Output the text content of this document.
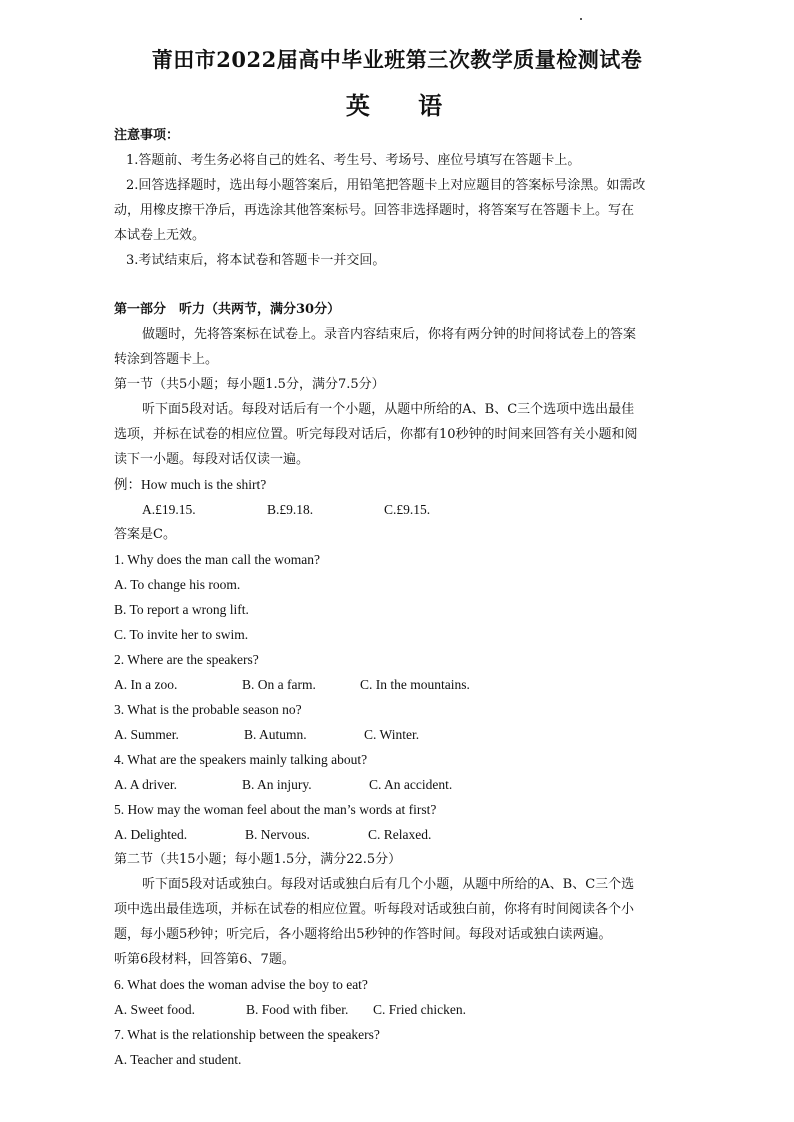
莆田市2022届高中毕业班第三次教学质量检测试卷
英 语
注意事项：
1.答题前、考生务必将自己的姓名、考生号、考场号、座位号填写在答题卡上。
2.回答选择题时，选出每小题答案后，用铅笔把答题卡上对应题目的答案标号涂黑。如需改
动，用橡皮擦干净后，再选涂其他答案标号。回答非选择题时，将答案写在答题卡上。写在
本试卷上无效。
3.考试结束后，将本试卷和答题卡一并交回。
第一部分　听力（共两节，满分30分）
做题时，先将答案标在试卷上。录音内容结束后，你将有两分钟的时间将试卷上的答案
转涂到答题卡上。
第一节（共5小题；每小题1.5分，满分7.5分）
听下面5段对话。每段对话后有一个小题，从题中所给的A、B、C三个选项中选出最佳
选项，并标在试卷的相应位置。听完每段对话后，你都有10秒钟的时间来回答有关小题和阅
读下一小题。每段对话仅读一遍。
例：How much is the shirt?
A.£19.15.	B.£9.18.	C.£9.15.
答案是C。
1. Why does the man call the woman?
A. To change his room.
B. To report a wrong lift.
C. To invite her to swim.
2. Where are the speakers?
A. In a zoo.	B. On a farm.	C. In the mountains.
3. What is the probable season no?
A. Summer.	B. Autumn.	C. Winter.
4. What are the speakers mainly talking about?
A. A driver.	B. An injury.	C. An accident.
5. How may the woman feel about the man’s words at first?
A. Delighted.	B. Nervous.	C. Relaxed.
第二节（共15小题；每小题1.5分，满分22.5分）
听下面5段对话或独白。每段对话或独白后有几个小题，从题中所给的A、B、C三个选
项中选出最佳选项，并标在试卷的相应位置。听每段对话或独白前，你将有时间阅读各个小
题，每小题5秒钟；听完后，各小题将给出5秒钟的作答时间。每段对话或独白读两遍。
听第6段材料，回答第6、7题。
6. What does the woman advise the boy to eat?
A. Sweet food.	B. Food with fiber. C. Fried chicken.
7. What is the relationship between the speakers?
A. Teacher and student.
